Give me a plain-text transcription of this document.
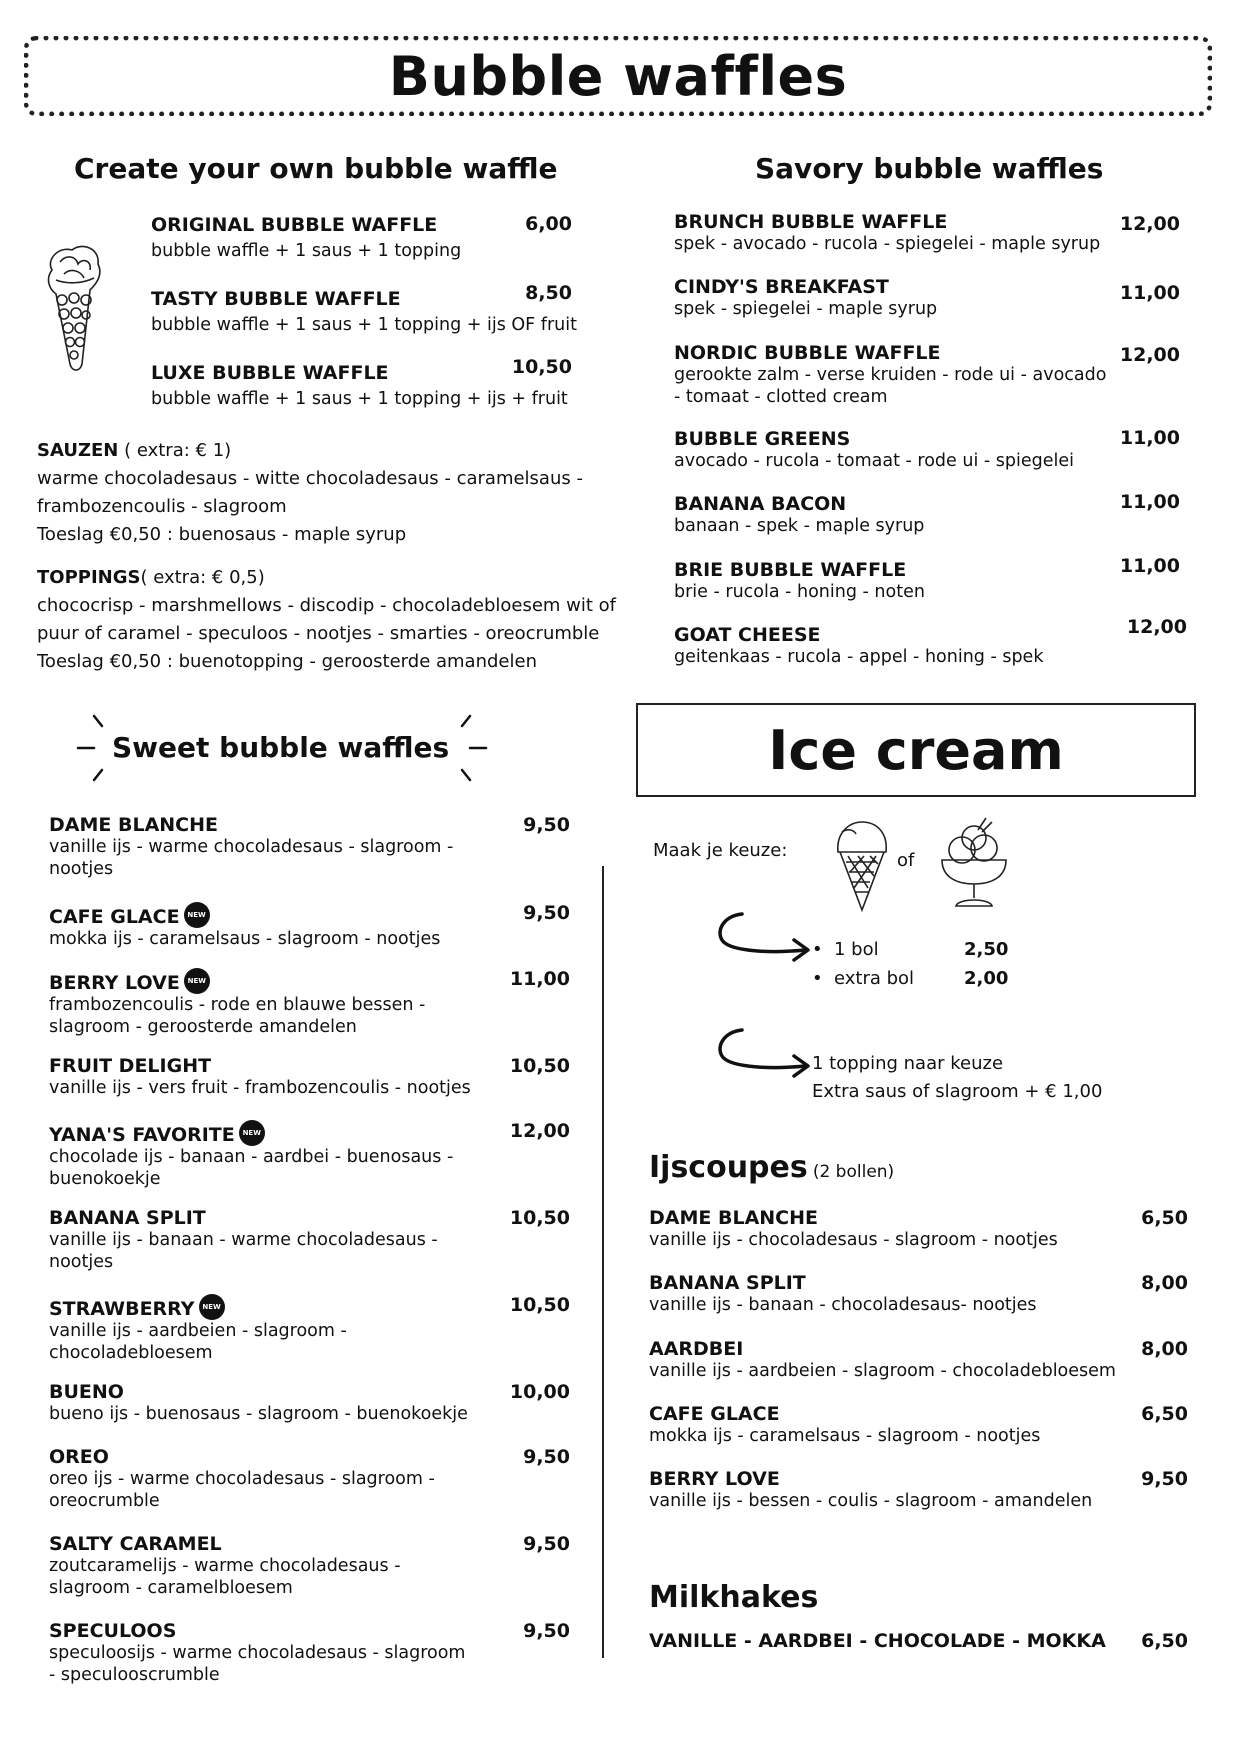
Bubble waffles
Create your own bubble waffle
ORIGINAL BUBBLE WAFFLE
bubble waffle + 1 saus + 1 topping
6,00
TASTY BUBBLE WAFFLE
bubble waffle + 1 saus + 1 topping + ijs OF fruit
8,50
LUXE BUBBLE WAFFLE
bubble waffle + 1 saus + 1 topping + ijs + fruit
10,50
SAUZEN ( extra: € 1)
warme chocoladesaus - witte chocoladesaus - caramelsaus -
frambozencoulis - slagroom
Toeslag €0,50 : buenosaus - maple syrup
TOPPINGS( extra: € 0,5)
chococrisp - marshmellows - discodip - chocoladebloesem wit of
puur of caramel - speculoos - nootjes - smarties - oreocrumble
Toeslag €0,50 : buenotopping - geroosterde amandelen
Savory bubble waffles
BRUNCH BUBBLE WAFFLE
spek - avocado - rucola - spiegelei - maple syrup
12,00
CINDY'S BREAKFAST
spek - spiegelei - maple syrup
11,00
NORDIC BUBBLE WAFFLE
gerookte zalm - verse kruiden - rode ui - avocado
- tomaat - clotted cream
12,00
BUBBLE GREENS
avocado - rucola - tomaat - rode ui - spiegelei
11,00
BANANA BACON
banaan - spek - maple syrup
11,00
BRIE BUBBLE WAFFLE
brie - rucola - honing - noten
11,00
GOAT CHEESE
geitenkaas - rucola - appel - honing - spek
12,00
Sweet bubble waffles
DAME BLANCHE
vanille ijs - warme chocoladesaus - slagroom -
nootjes
9,50
CAFE GLACE NEW
mokka ijs - caramelsaus - slagroom - nootjes
9,50
BERRY LOVE NEW
frambozencoulis - rode en blauwe bessen -
slagroom - geroosterde amandelen
11,00
FRUIT DELIGHT
vanille ijs - vers fruit - frambozencoulis - nootjes
10,50
YANA'S FAVORITE NEW
chocolade ijs - banaan - aardbei - buenosaus -
buenokoekje
12,00
BANANA SPLIT
vanille ijs - banaan - warme chocoladesaus -
nootjes
10,50
STRAWBERRY NEW
vanille ijs - aardbeien - slagroom -
chocoladebloesem
10,50
BUENO
bueno ijs - buenosaus - slagroom - buenokoekje
10,00
OREO
oreo ijs - warme chocoladesaus - slagroom -
oreocrumble
9,50
SALTY CARAMEL
zoutcaramelijs - warme chocoladesaus -
slagroom - caramelbloesem
9,50
SPECULOOS
speculoosijs - warme chocoladesaus - slagroom
- speculooscrumble
9,50
Ice cream
Maak je keuze:	of
• 1 bol	2,50
• extra bol	2,00
1 topping naar keuze
Extra saus of slagroom + € 1,00
Ijscoupes (2 bollen)
DAME BLANCHE
vanille ijs - chocoladesaus - slagroom - nootjes
6,50
BANANA SPLIT
vanille ijs - banaan - chocoladesaus- nootjes
8,00
AARDBEI
vanille ijs - aardbeien - slagroom - chocoladebloesem
8,00
CAFE GLACE
mokka ijs - caramelsaus - slagroom - nootjes
6,50
BERRY LOVE
vanille ijs - bessen - coulis - slagroom - amandelen
9,50
Milkhakes
VANILLE - AARDBEI - CHOCOLADE - MOKKA	6,50
